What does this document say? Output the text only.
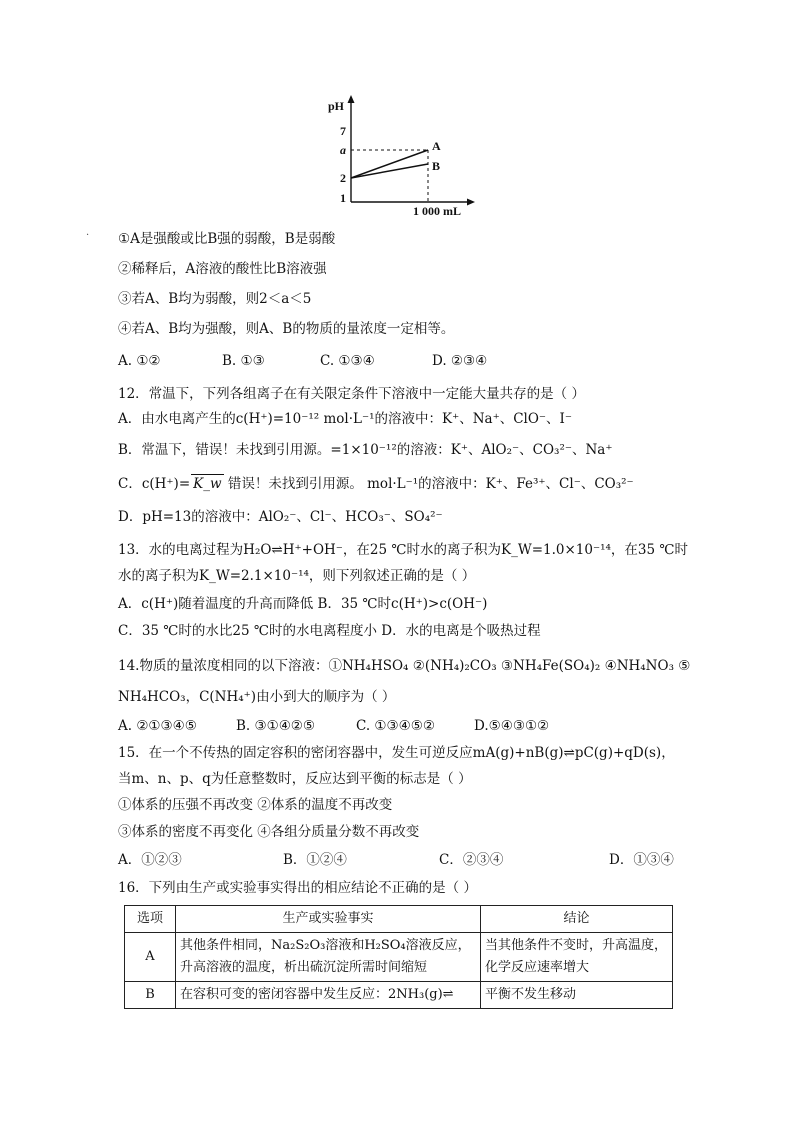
pH
7
a
2
1
A
B
1 000 mL
· ①A是强酸或比B强的弱酸，B是弱酸
②稀释后，A溶液的酸性比B溶液强
③若A、B均为弱酸，则2＜a＜5
④若A、B均为强酸，则A、B的物质的量浓度一定相等。
A. ①②	B. ①③	C. ①③④	D. ②③④
12．常温下，下列各组离子在有关限定条件下溶液中一定能大量共存的是（ ）
A．由水电离产生的c(H⁺)=10⁻¹² mol·L⁻¹的溶液中：K⁺、Na⁺、ClO⁻、I⁻
B．常温下，错误！未找到引用源。=1×10⁻¹²的溶液：K⁺、AlO₂⁻、CO₃²⁻、Na⁺
C．c(H⁺)= K_w 错误！未找到引用源。 mol·L⁻¹的溶液中：K⁺、Fe³⁺、Cl⁻、CO₃²⁻
D．pH=13的溶液中：AlO₂⁻、Cl⁻、HCO₃⁻、SO₄²⁻
13．水的电离过程为H₂O⇌H⁺+OH⁻，在25 ℃时水的离子积为K_W=1.0×10⁻¹⁴，在35 ℃时
水的离子积为K_W=2.1×10⁻¹⁴，则下列叙述正确的是（ ）
A．c(H⁺)随着温度的升高而降低 B．35 ℃时c(H⁺)>c(OH⁻)
C．35 ℃时的水比25 ℃时的水电离程度小 D．水的电离是个吸热过程
14.物质的量浓度相同的以下溶液：①NH₄HSO₄ ②(NH₄)₂CO₃ ③NH₄Fe(SO₄)₂ ④NH₄NO₃ ⑤
NH₄HCO₃，C(NH₄⁺)由小到大的顺序为（ ）
A. ②①③④⑤	B. ③①④②⑤	C. ①③④⑤②	D.⑤④③①②
15．在一个不传热的固定容积的密闭容器中，发生可逆反应mA(g)+nB(g)⇌pC(g)+qD(s)，
当m、n、p、q为任意整数时，反应达到平衡的标志是（ ）
①体系的压强不再改变 ②体系的温度不再改变
③体系的密度不再变化 ④各组分质量分数不再改变
A．①②③	B．①②④	C．②③④	D．①③④
16．下列由生产或实验事实得出的相应结论不正确的是（ ）
选项	生产或实验事实	结论
A	其他条件相同，Na₂S₂O₃溶液和H₂SO₄溶液反应，升高溶液的温度，析出硫沉淀所需时间缩短	当其他条件不变时，升高温度，化学反应速率增大
B	在容积可变的密闭容器中发生反应：2NH₃(g)⇌	平衡不发生移动
